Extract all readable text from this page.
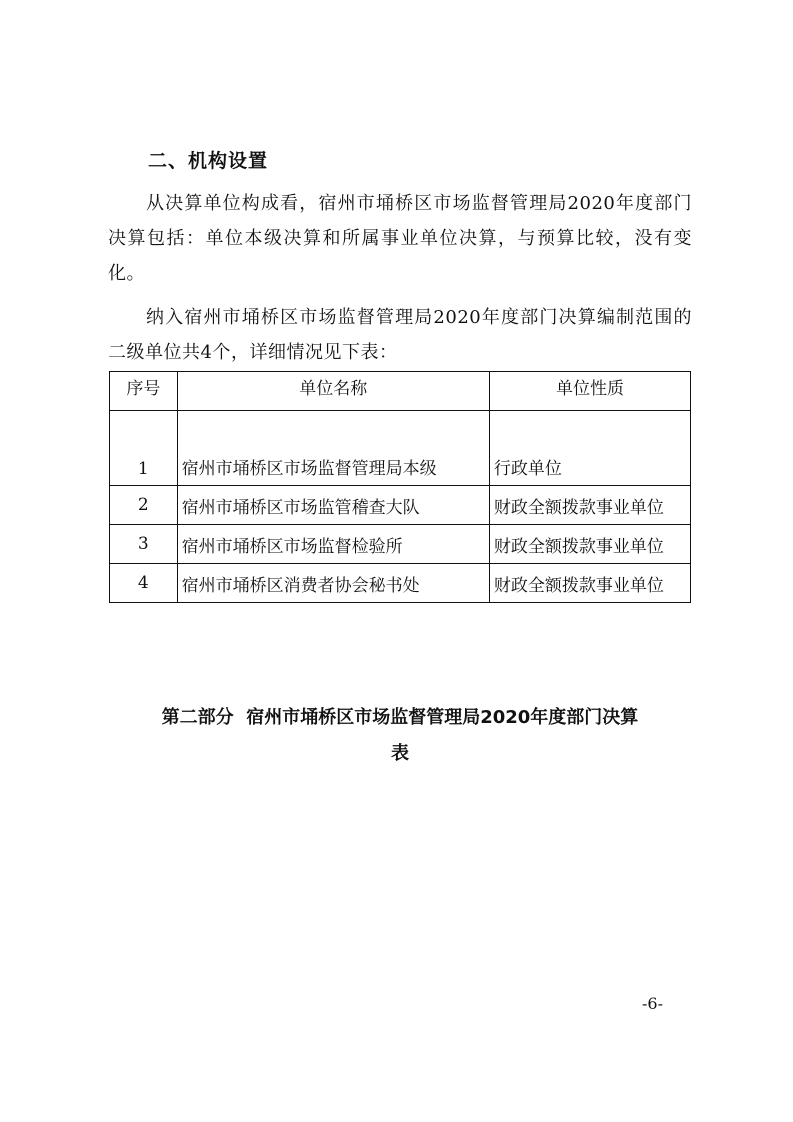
二、机构设置

从决算单位构成看，宿州市埇桥区市场监督管理局2020年度部门决算包括：单位本级决算和所属事业单位决算，与预算比较，没有变化。

纳入宿州市埇桥区市场监督管理局2020年度部门决算编制范围的二级单位共4个，详细情况见下表：

序号	单位名称	单位性质
1	宿州市埇桥区市场监督管理局本级	行政单位
2	宿州市埇桥区市场监管稽查大队	财政全额拨款事业单位
3	宿州市埇桥区市场监督检验所	财政全额拨款事业单位
4	宿州市埇桥区消费者协会秘书处	财政全额拨款事业单位
第二部分  宿州市埇桥区市场监督管理局2020年度部门决算
表
-6-
